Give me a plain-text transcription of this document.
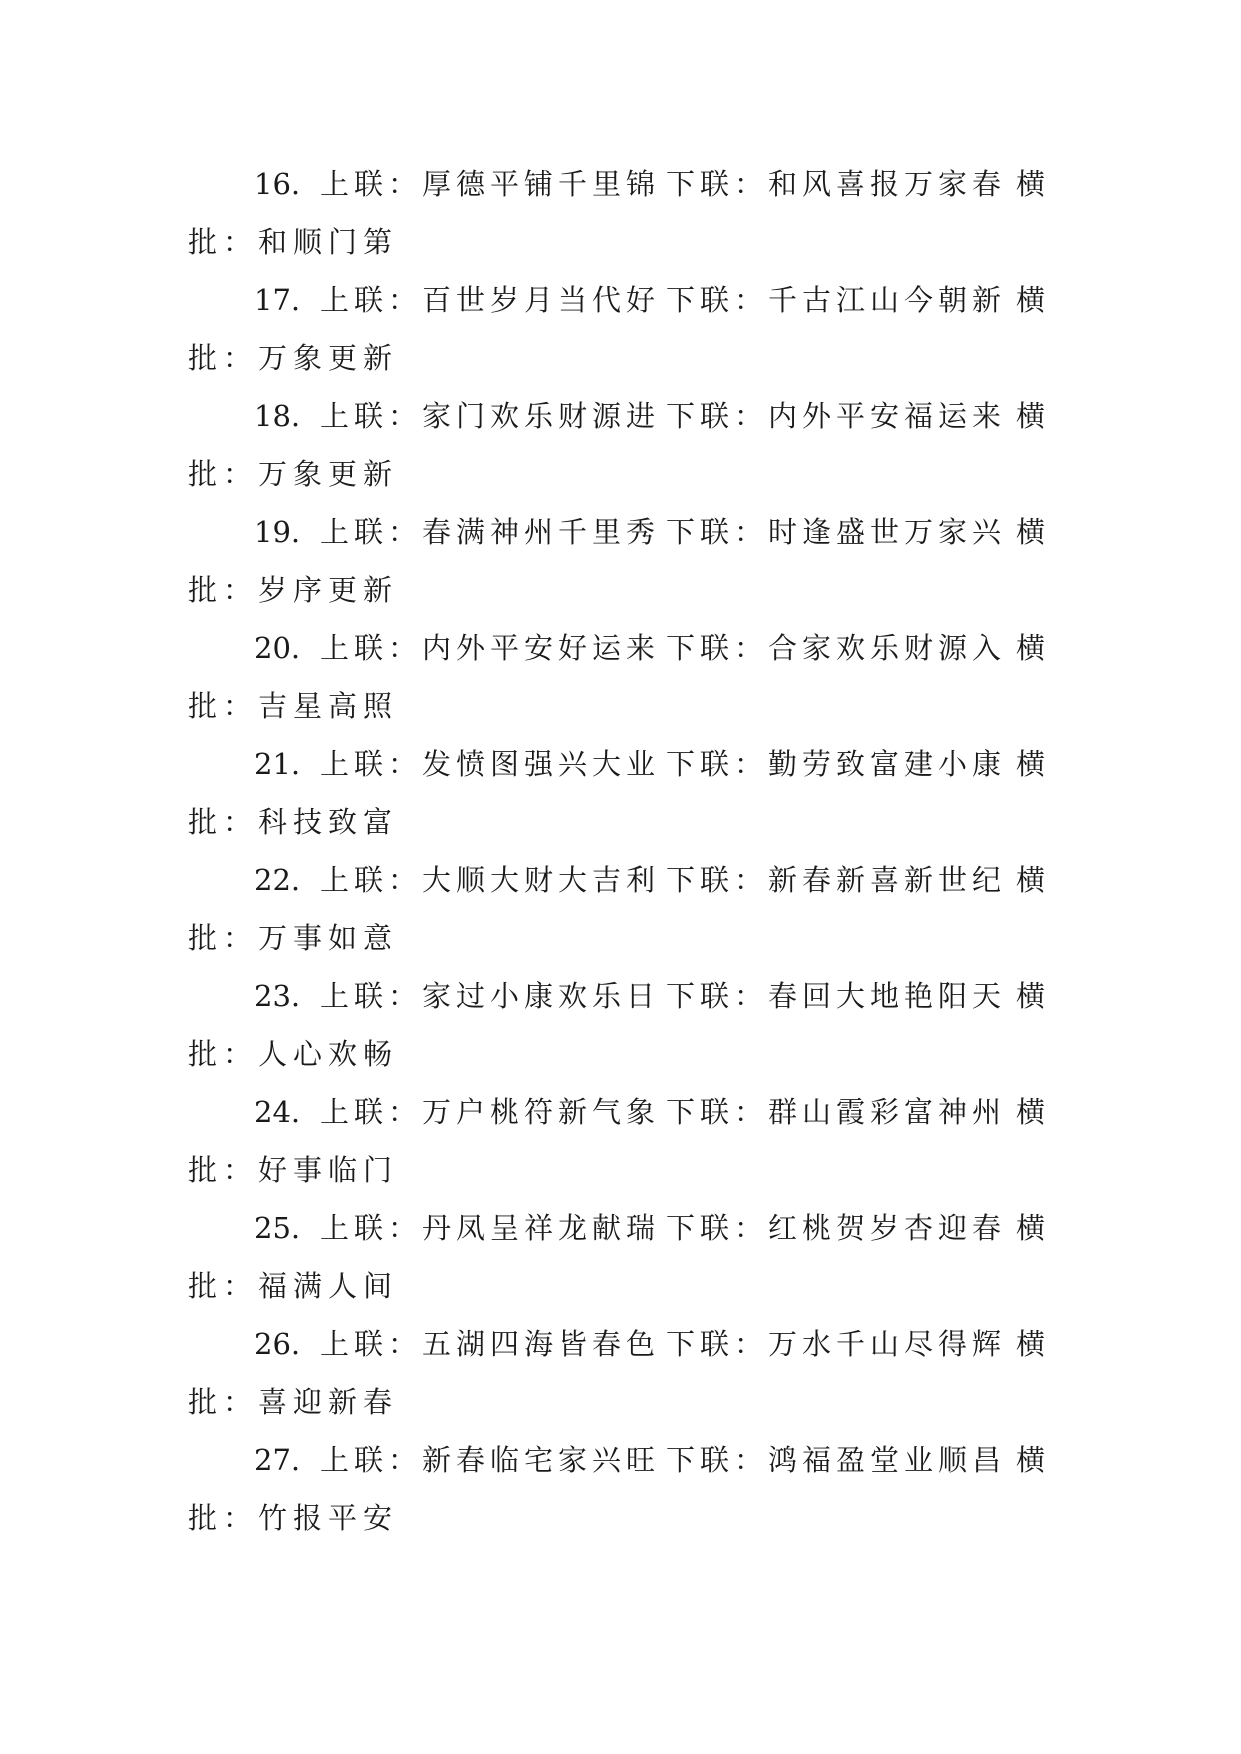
16. 上联：厚德平铺千里锦 下联：和风喜报万家春 横
批：和顺门第
17. 上联：百世岁月当代好 下联：千古江山今朝新 横
批：万象更新
18. 上联：家门欢乐财源进 下联：内外平安福运来 横
批：万象更新
19. 上联：春满神州千里秀 下联：时逢盛世万家兴 横
批：岁序更新
20. 上联：内外平安好运来 下联：合家欢乐财源入 横
批：吉星高照
21. 上联：发愤图强兴大业 下联：勤劳致富建小康 横
批：科技致富
22. 上联：大顺大财大吉利 下联：新春新喜新世纪 横
批：万事如意
23. 上联：家过小康欢乐日 下联：春回大地艳阳天 横
批：人心欢畅
24. 上联：万户桃符新气象 下联：群山霞彩富神州 横
批：好事临门
25. 上联：丹凤呈祥龙献瑞 下联：红桃贺岁杏迎春 横
批：福满人间
26. 上联：五湖四海皆春色 下联：万水千山尽得辉 横
批：喜迎新春
27. 上联：新春临宅家兴旺 下联：鸿福盈堂业顺昌 横
批：竹报平安
